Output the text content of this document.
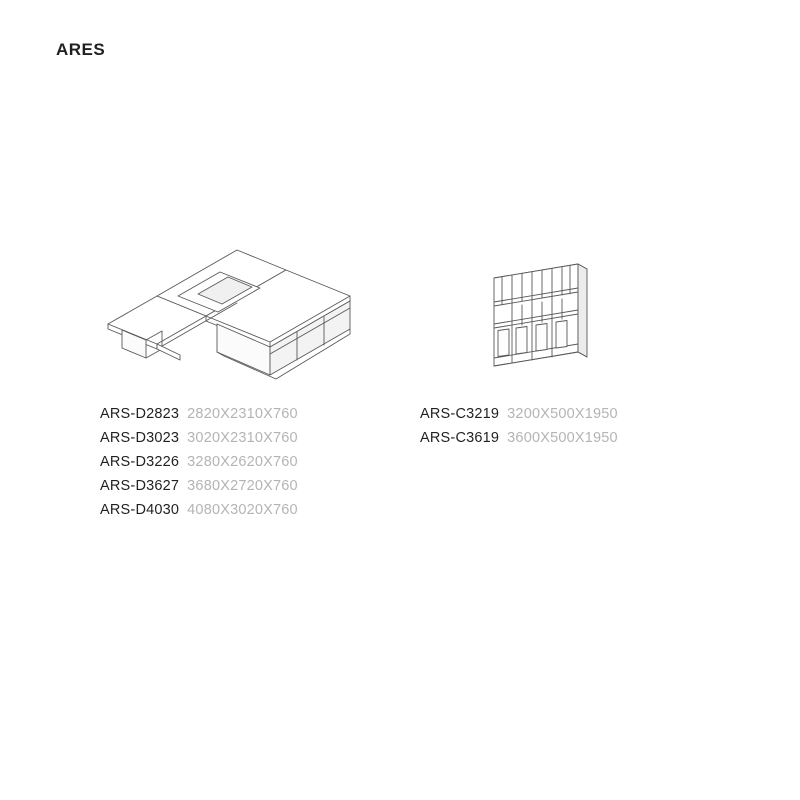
ARES
ARS-D2823 2820X2310X760
ARS-D3023 3020X2310X760
ARS-D3226 3280X2620X760
ARS-D3627 3680X2720X760
ARS-D4030 4080X3020X760
ARS-C3219 3200X500X1950
ARS-C3619 3600X500X1950
